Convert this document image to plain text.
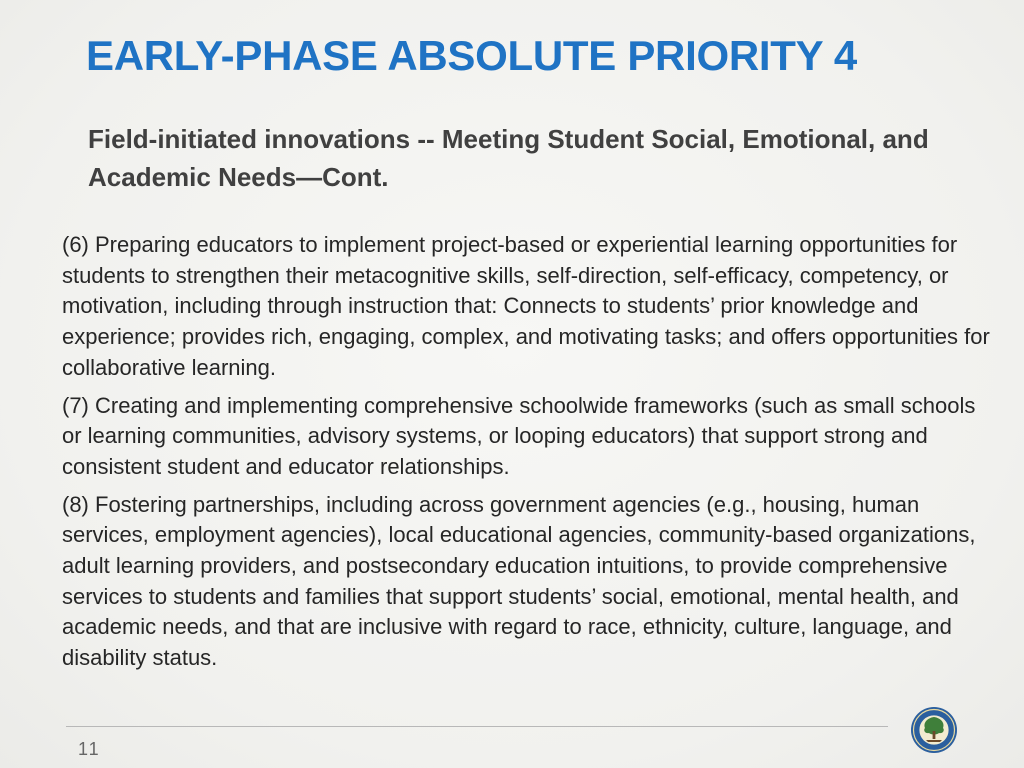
EARLY-PHASE ABSOLUTE PRIORITY 4
Field-initiated innovations -- Meeting Student Social, Emotional, and Academic Needs—Cont.

(6) Preparing educators to implement project-based or experiential learning opportunities for students to strengthen their metacognitive skills, self-direction, self-efficacy, competency, or motivation, including through instruction that: Connects to students’ prior knowledge and experience; provides rich, engaging, complex, and motivating tasks; and offers opportunities for collaborative learning.

(7) Creating and implementing comprehensive schoolwide frameworks (such as small schools or learning communities, advisory systems, or looping educators) that support strong and consistent student and educator relationships.

(8) Fostering partnerships, including across government agencies (e.g., housing, human services, employment agencies), local educational agencies, community-based organizations, adult learning providers, and postsecondary education intuitions, to provide comprehensive services to students and families that support students’ social, emotional, mental health, and academic needs, and that are inclusive with regard to race, ethnicity, culture, language, and disability status.

11
